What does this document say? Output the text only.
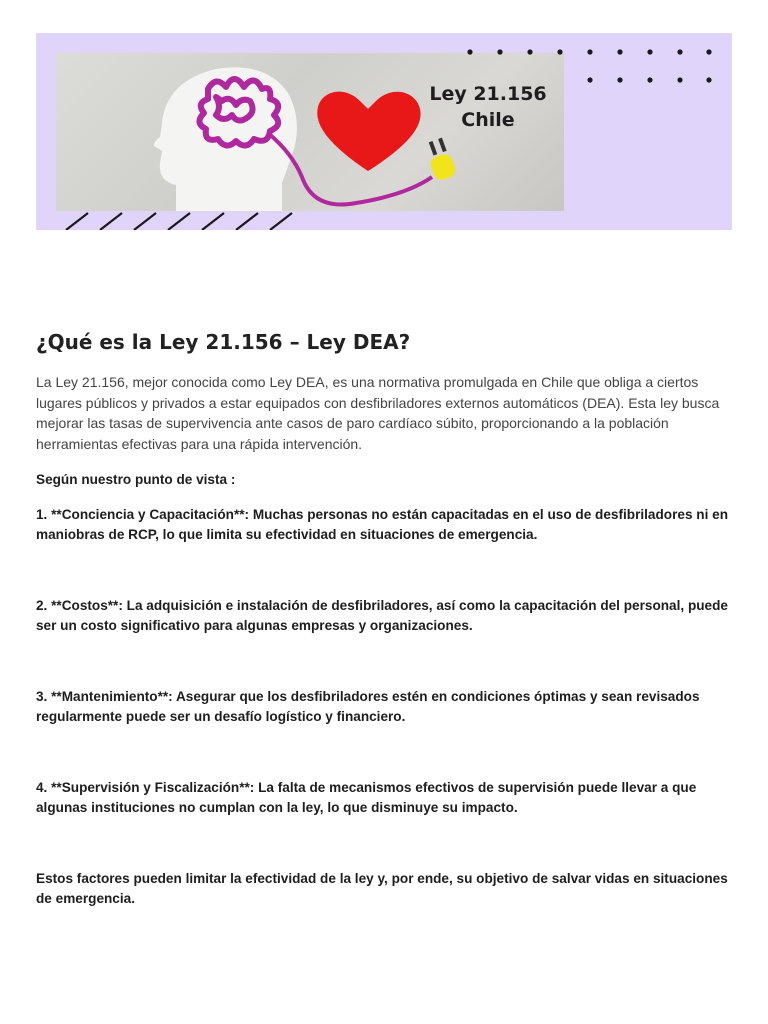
Ley 21.156
Chile
¿Qué es la Ley 21.156 – Ley DEA?

La Ley 21.156, mejor conocida como Ley DEA, es una normativa promulgada en Chile que obliga a ciertos lugares públicos y privados a estar equipados con desfibriladores externos automáticos (DEA). Esta ley busca mejorar las tasas de supervivencia ante casos de paro cardíaco súbito, proporcionando a la población herramientas efectivas para una rápida intervención.

Según nuestro punto de vista :

1. **Conciencia y Capacitación**: Muchas personas no están capacitadas en el uso de desfibriladores ni en maniobras de RCP, lo que limita su efectividad en situaciones de emergencia.

2. **Costos**: La adquisición e instalación de desfibriladores, así como la capacitación del personal, puede ser un costo significativo para algunas empresas y organizaciones.

3. **Mantenimiento**: Asegurar que los desfibriladores estén en condiciones óptimas y sean revisados regularmente puede ser un desafío logístico y financiero.

4. **Supervisión y Fiscalización**: La falta de mecanismos efectivos de supervisión puede llevar a que algunas instituciones no cumplan con la ley, lo que disminuye su impacto.

Estos factores pueden limitar la efectividad de la ley y, por ende, su objetivo de salvar vidas en situaciones de emergencia.
